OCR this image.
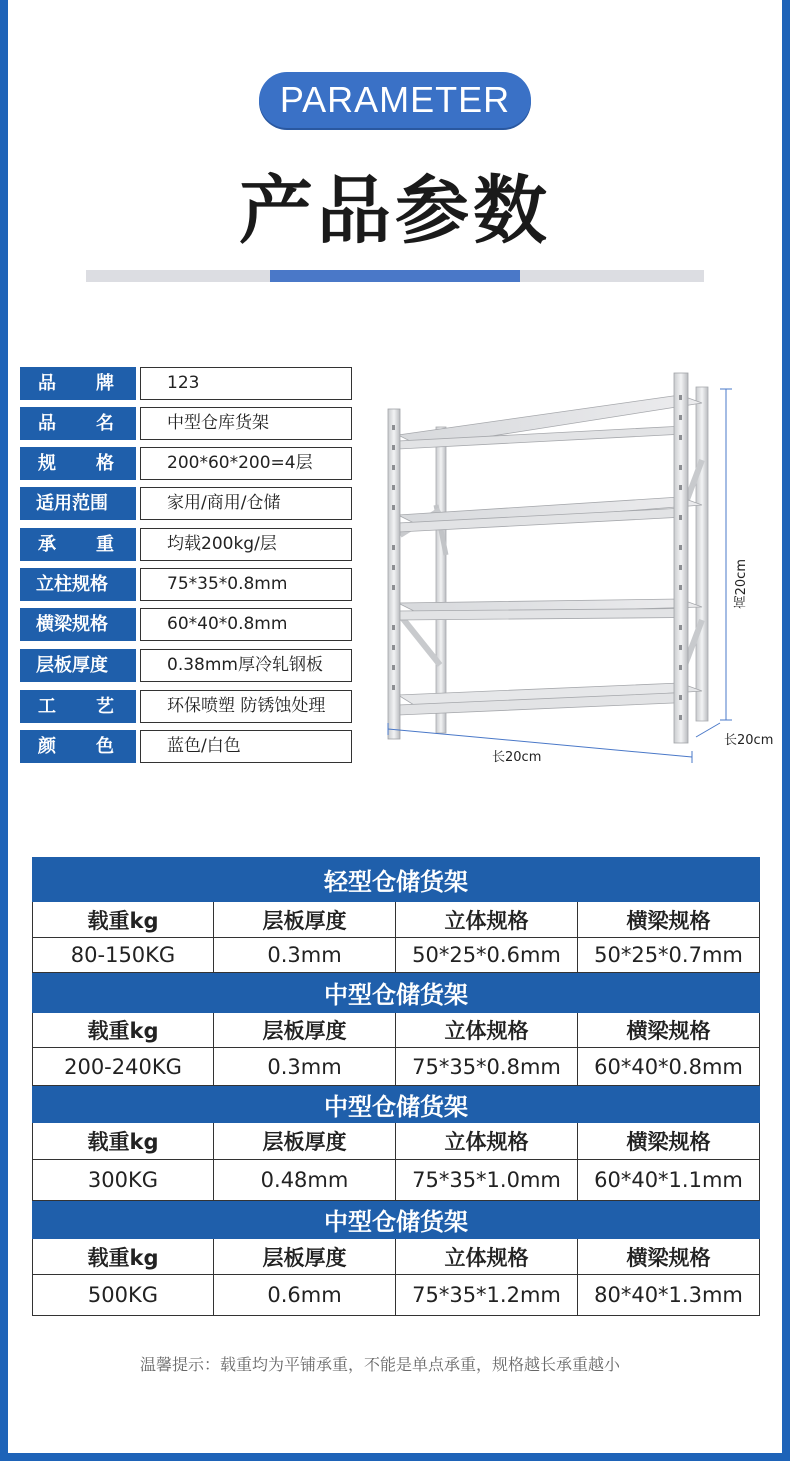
PARAMETER
产品参数
品 牌	123
品 名	中型仓库货架
规 格	200*60*200=4层
适用范围	家用/商用/仓储
承 重	均载200kg/层
立柱规格	75*35*0.8mm
横梁规格	60*40*0.8mm
层板厚度	0.38mm厚冷轧钢板
工 艺	环保喷塑 防锈蚀处理
颜 色	蓝色/白色
高20cm
长20cm
长20cm
轻型仓储货架			
载重kg	层板厚度	立体规格	横梁规格
80-150KG	0.3mm	50*25*0.6mm	50*25*0.7mm
中型仓储货架			
载重kg	层板厚度	立体规格	横梁规格
200-240KG	0.3mm	75*35*0.8mm	60*40*0.8mm
中型仓储货架			
载重kg	层板厚度	立体规格	横梁规格
300KG	0.48mm	75*35*1.0mm	60*40*1.1mm
中型仓储货架			
载重kg	层板厚度	立体规格	横梁规格
500KG	0.6mm	75*35*1.2mm	80*40*1.3mm
温馨提示：载重均为平铺承重，不能是单点承重，规格越长承重越小
